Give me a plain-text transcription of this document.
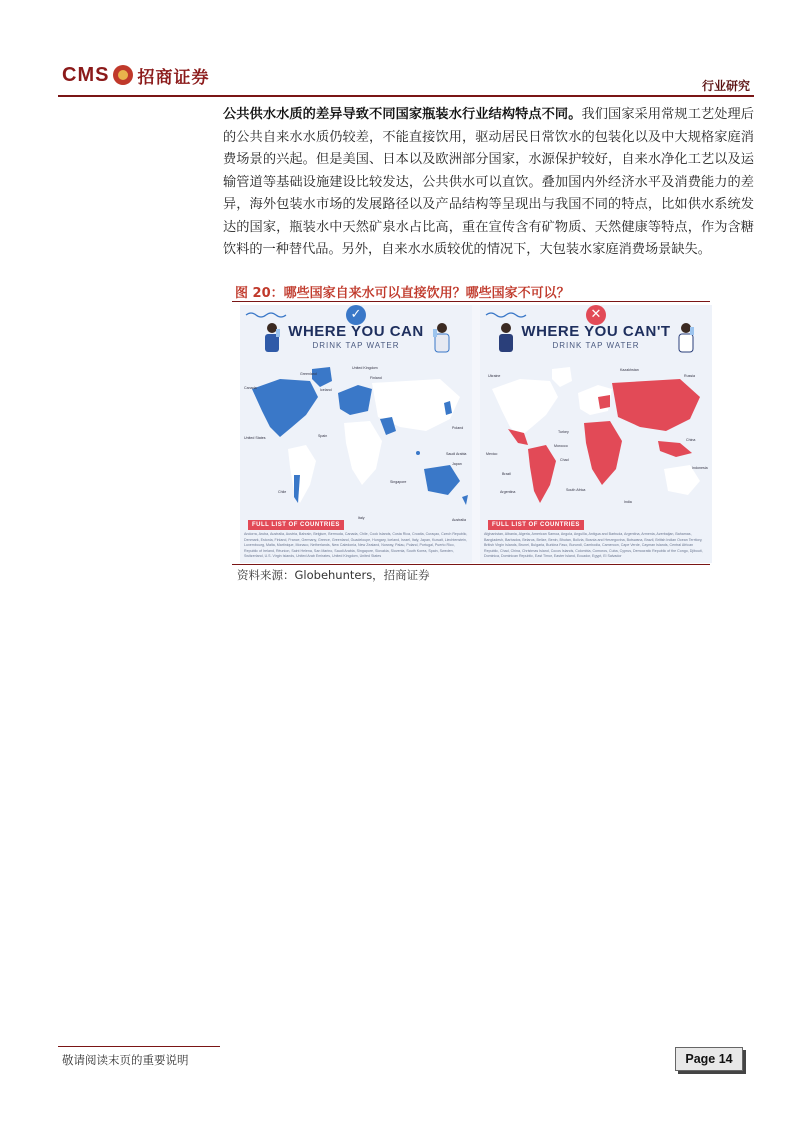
CMS 招商证券	行业研究
公共供水水质的差异导致不同国家瓶装水行业结构特点不同。我们国家采用常规工艺处理后的公共自来水水质仍较差，不能直接饮用，驱动居民日常饮水的包装化以及中大规格家庭消费场景的兴起。但是美国、日本以及欧洲部分国家，水源保护较好，自来水净化工艺以及运输管道等基础设施建设比较发达，公共供水可以直饮。叠加国内外经济水平及消费能力的差异，海外包装水市场的发展路径以及产品结构等呈现出与我国不同的特点，比如供水系统发达的国家，瓶装水中天然矿泉水占比高，重在宣传含有矿物质、天然健康等特点，作为含糖饮料的一种替代品。另外，自来水水质较优的情况下，大包装水家庭消费场景缺失。
图 20：哪些国家自来水可以直接饮用？哪些国家不可以？
✓
WHERE YOU CAN
DRINK TAP WATER
Greenland
United Kingdom
Finland
Canada	Iceland
Poland
Japan
United States	Spain
Saudi Arabia
Singapore
Chile
Australia
Italy
FULL LIST OF COUNTRIES
Andorra, Aruba, Australia, Austria, Bahrain, Belgium, Bermuda, Canada, Chile, Cook Islands, Costa Rica, Croatia, Curaçao, Czech Republic, Denmark, Estonia, Finland, France, Germany, Greece, Greenland, Guadeloupe, Hungary, Iceland, Israel, Italy, Japan, Kuwait, Liechtenstein, Luxembourg, Malta, Martinique, Monaco, Netherlands, New Caledonia, New Zealand, Norway, Palau, Poland, Portugal, Puerto Rico, Republic of Ireland, Réunion, Saint Helena, San Marino, Saudi Arabia, Singapore, Slovakia, Slovenia, South Korea, Spain, Sweden, Switzerland, U.S. Virgin Islands, United Arab Emirates, United Kingdom, United States
✕
WHERE YOU CAN'T
DRINK TAP WATER
Ukraine
Kazakhstan
Russia
Turkey
Morocco
Mexico
Chad
China
Brazil
Indonesia
South Africa
Argentina
India
FULL LIST OF COUNTRIES
Afghanistan, Albania, Algeria, American Samoa, Angola, Anguilla, Antigua and Barbuda, Argentina, Armenia, Azerbaijan, Bahamas, Bangladesh, Barbados, Belarus, Belize, Benin, Bhutan, Bolivia, Bosnia and Herzegovina, Botswana, Brazil, British Indian Ocean Territory, British Virgin Islands, Brunei, Bulgaria, Burkina Faso, Burundi, Cambodia, Cameroon, Cape Verde, Cayman Islands, Central African Republic, Chad, China, Christmas Island, Cocos Islands, Colombia, Comoros, Cuba, Cyprus, Democratic Republic of the Congo, Djibouti, Dominica, Dominican Republic, East Timor, Easter Island, Ecuador, Egypt, El Salvador
资料来源：Globehunters，招商证券
敬请阅读末页的重要说明	Page 14
